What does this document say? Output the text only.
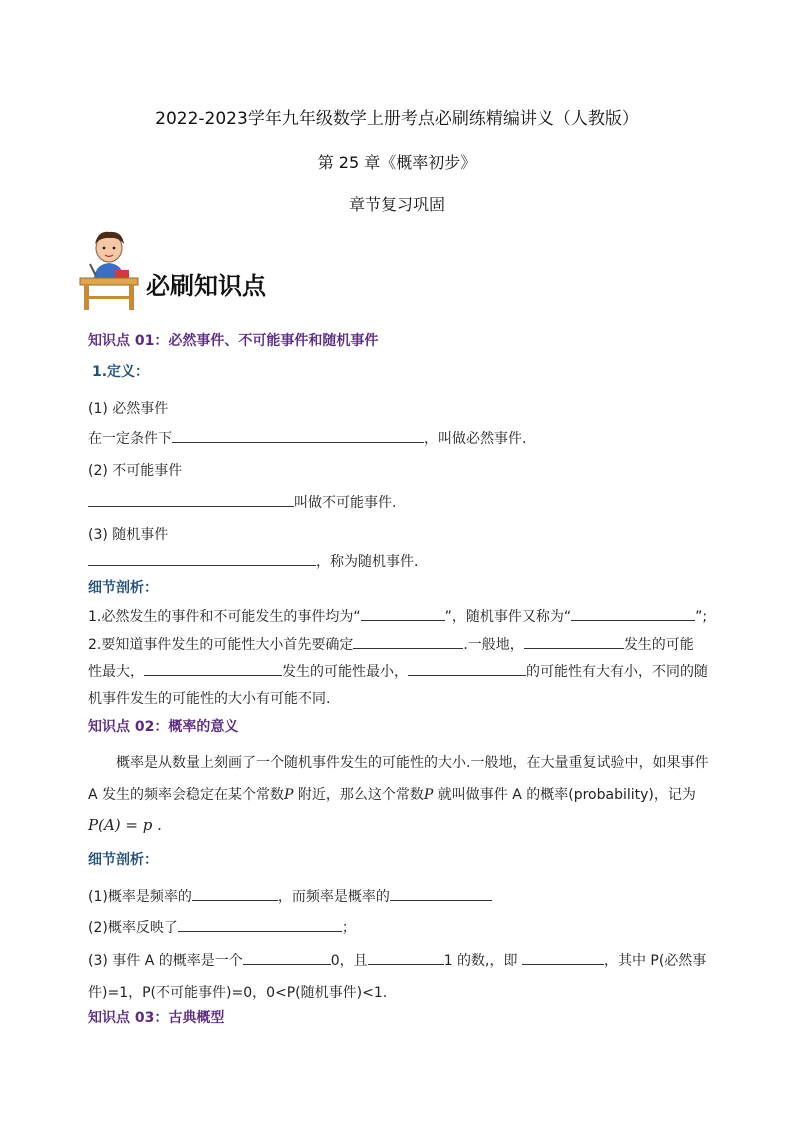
2022-2023学年九年级数学上册考点必刷练精编讲义（人教版）
第 25 章《概率初步》
章节复习巩固
必刷知识点
知识点 01：必然事件、不可能事件和随机事件
1.定义：
(1) 必然事件
在一定条件下	，叫做必然事件.
(2) 不可能事件
叫做不可能事件.
(3) 随机事件
，称为随机事件.
细节剖析：
1.必然发生的事件和不可能发生的事件均为“	”，随机事件又称为“	”;
2.要知道事件发生的可能性大小首先要确定	.一般地，	发生的可能
性最大，	发生的可能性最小，	的可能性有大有小，不同的随
机事件发生的可能性的大小有可能不同.
知识点 02：概率的意义
概率是从数量上刻画了一个随机事件发生的可能性的大小.一般地，在大量重复试验中，如果事件
A 发生的频率会稳定在某个常数P 附近，那么这个常数P 就叫做事件 A 的概率(probability)，记为
P(A) = p .
细节剖析：
(1)概率是频率的	，而频率是概率的
(2)概率反映了	；
(3) 事件 A 的概率是一个	0，且	1 的数,，即	，其中 P(必然事
件)=1，P(不可能事件)=0，0<P(随机事件)<1.
知识点 03：古典概型
